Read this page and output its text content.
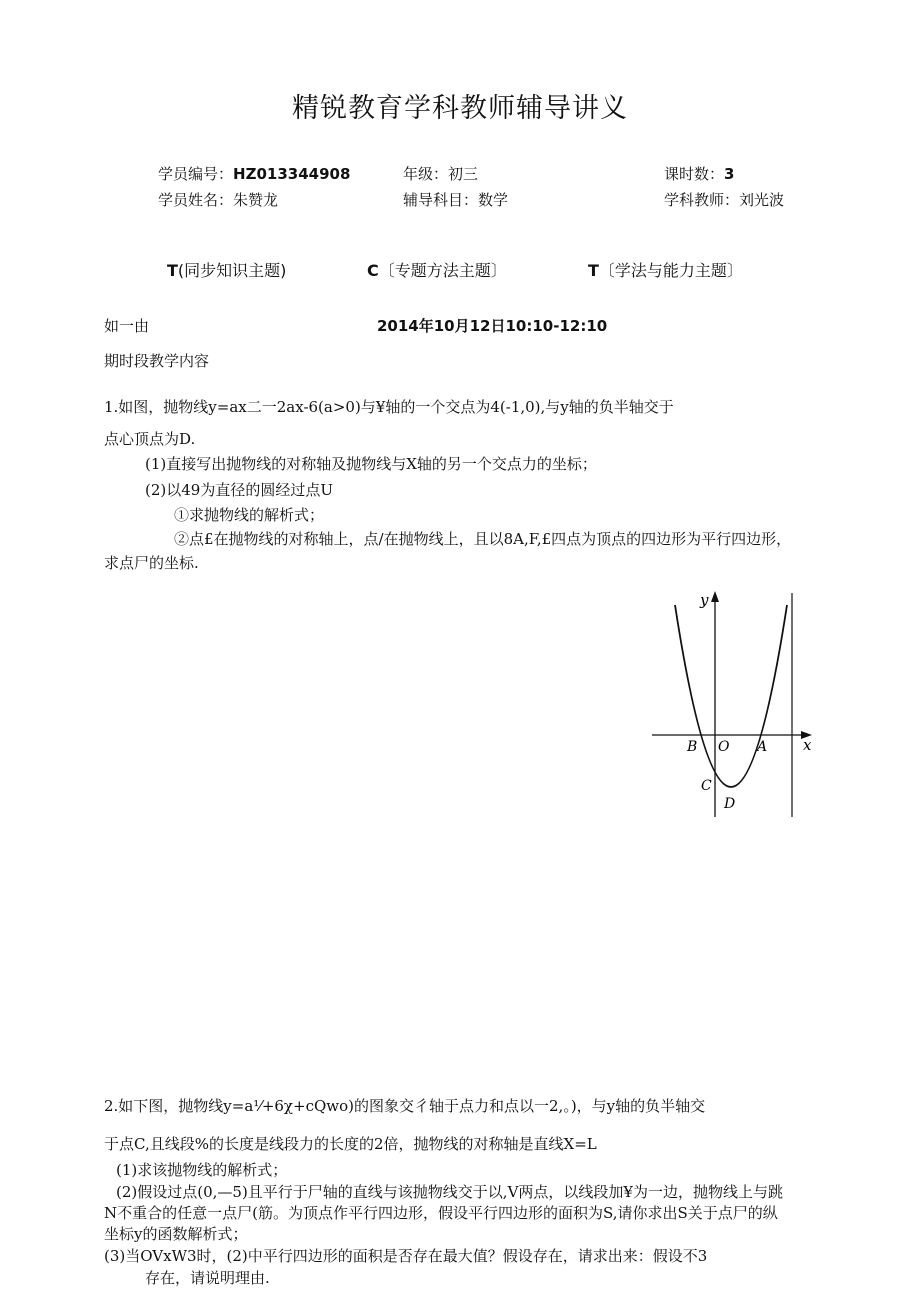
精锐教育学科教师辅导讲义
学员编号：HZ013344908	年级：初三	课时数：3
学员姓名：朱赞龙	辅导科目：数学	学科教师：刘光波
T(同步知识主题)	C〔专题方法主题〕	T〔学法与能力主题〕
如一由	2014年10月12日10:10-12:10
期时段教学内容
1.如图，抛物线y=ax二一2ax-6(a>0)与¥轴的一个交点为4(-1,0),与y轴的负半轴交于
点心顶点为D.
(1)直接写出抛物线的对称轴及抛物线与X轴的另一个交点力的坐标；
(2)以49为直径的圆经过点U
①求抛物线的解析式；
②点£在抛物线的对称轴上，点/在抛物线上，且以8A,F,£四点为顶点的四边形为平行四边形，
求点尸的坐标.
y
x
B O A
C
D
2.如下图，抛物线y=a⅟+6χ+cQwo)的图象交彳轴于点力和点以一2,。)，与y轴的负半轴交
于点C,且线段%的长度是线段力的长度的2倍，抛物线的对称轴是直线X=L
(1)求该抛物线的解析式；
(2)假设过点(0,—5)且平行于尸轴的直线与该抛物线交于以,V两点，以线段加¥为一边，抛物线上与跳
N不重合的任意一点尸(筋。为顶点作平行四边形，假设平行四边形的面积为S,请你求出S关于点尸的纵
坐标y的函数解析式；
(3)当OVxW3时，(2)中平行四边形的面积是否存在最大值？假设存在，请求出来：假设不3
存在，请说明理由.
